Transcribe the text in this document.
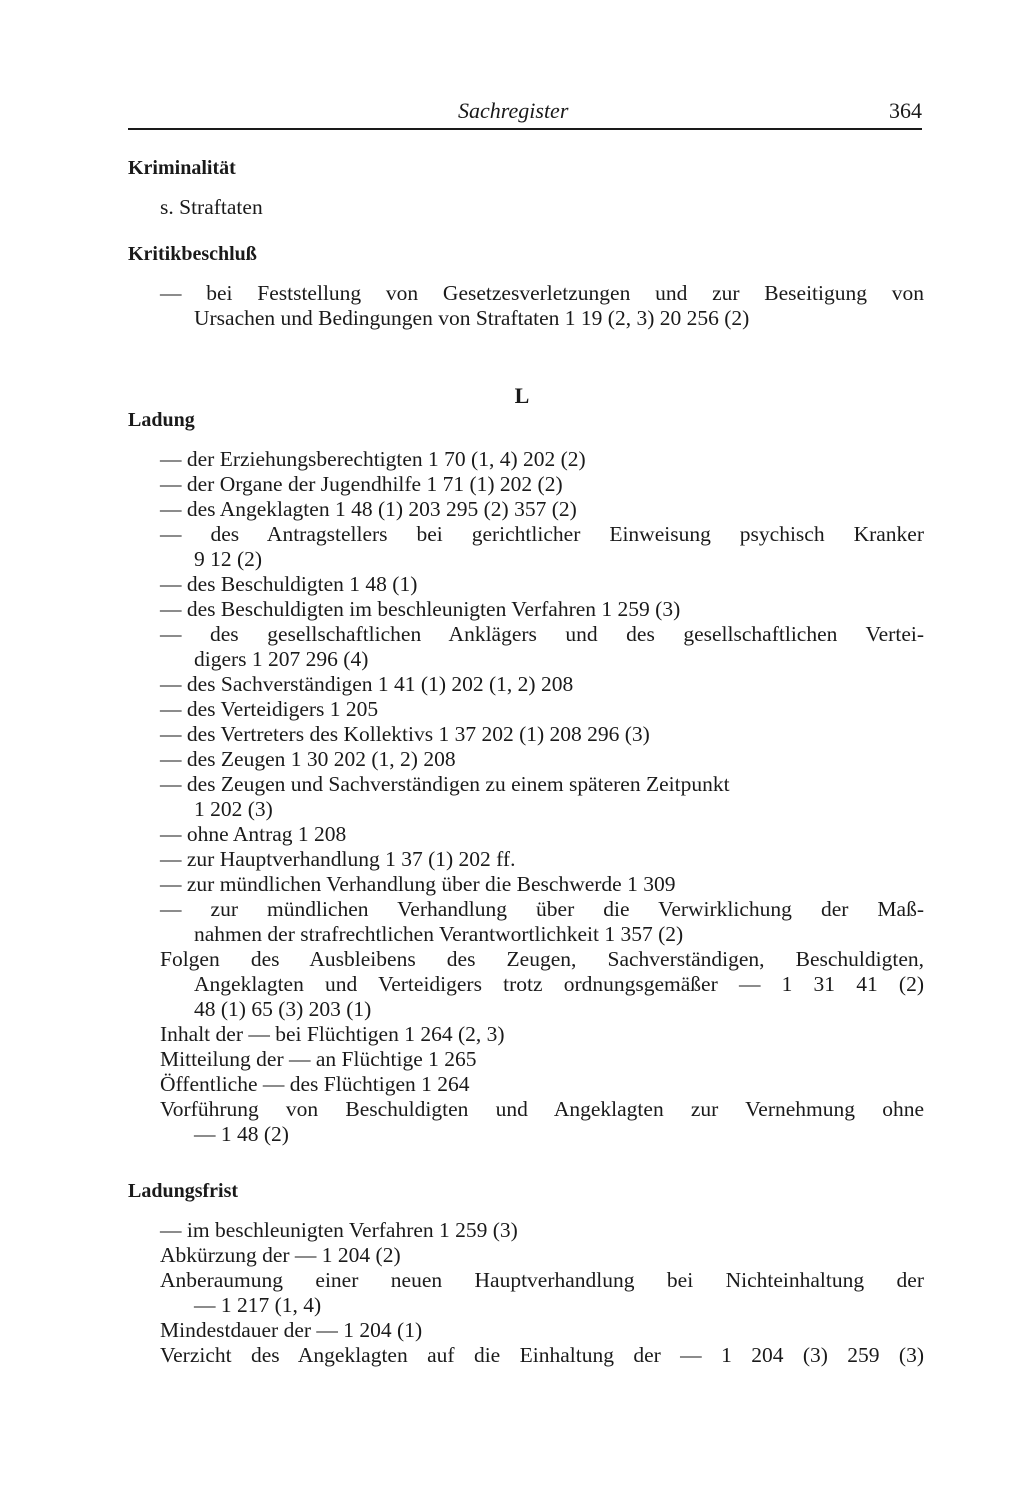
Sachregister	364
Kriminalität
s. Straftaten
Kritikbeschluß
— bei Feststellung von Gesetzesverletzungen und zur Beseitigung von
Ursachen und Bedingungen von Straftaten 1 19 (2, 3) 20 256 (2)
L
Ladung
— der Erziehungsberechtigten 1 70 (1, 4) 202 (2)
— der Organe der Jugendhilfe 1 71 (1) 202 (2)
— des Angeklagten 1 48 (1) 203 295 (2) 357 (2)
— des Antragstellers bei gerichtlicher Einweisung psychisch Kranker
9 12 (2)
— des Beschuldigten 1 48 (1)
— des Beschuldigten im beschleunigten Verfahren 1 259 (3)
— des gesellschaftlichen Anklägers und des gesellschaftlichen Vertei-
digers 1 207 296 (4)
— des Sachverständigen 1 41 (1) 202 (1, 2) 208
— des Verteidigers 1 205
— des Vertreters des Kollektivs 1 37 202 (1) 208 296 (3)
— des Zeugen 1 30 202 (1, 2) 208
— des Zeugen und Sachverständigen zu einem späteren Zeitpunkt
1 202 (3)
— ohne Antrag 1 208
— zur Hauptverhandlung 1 37 (1) 202 ff.
— zur mündlichen Verhandlung über die Beschwerde 1 309
— zur mündlichen Verhandlung über die Verwirklichung der Maß-
nahmen der strafrechtlichen Verantwortlichkeit 1 357 (2)
Folgen des Ausbleibens des Zeugen, Sachverständigen, Beschuldigten,
Angeklagten und Verteidigers trotz ordnungsgemäßer — 1 31 41 (2)
48 (1) 65 (3) 203 (1)
Inhalt der — bei Flüchtigen 1 264 (2, 3)
Mitteilung der — an Flüchtige 1 265
Öffentliche — des Flüchtigen 1 264
Vorführung von Beschuldigten und Angeklagten zur Vernehmung ohne
— 1 48 (2)
Ladungsfrist
— im beschleunigten Verfahren 1 259 (3)
Abkürzung der — 1 204 (2)
Anberaumung einer neuen Hauptverhandlung bei Nichteinhaltung der
— 1 217 (1, 4)
Mindestdauer der — 1 204 (1)
Verzicht des Angeklagten auf die Einhaltung der — 1 204 (3) 259 (3)
